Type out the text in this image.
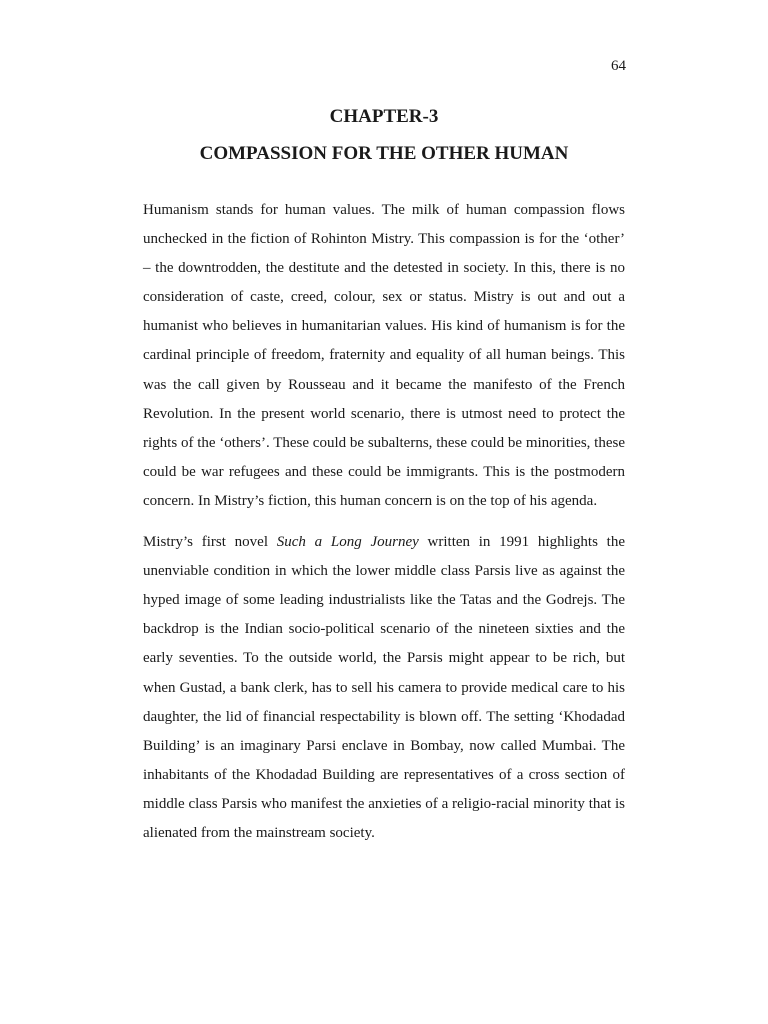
64
CHAPTER-3
COMPASSION FOR THE OTHER HUMAN

Humanism stands for human values. The milk of human compassion flows unchecked in the fiction of Rohinton Mistry. This compassion is for the ‘other’ – the downtrodden, the destitute and the detested in society. In this, there is no consideration of caste, creed, colour, sex or status. Mistry is out and out a humanist who believes in humanitarian values. His kind of humanism is for the cardinal principle of freedom, fraternity and equality of all human beings. This was the call given by Rousseau and it became the manifesto of the French Revolution. In the present world scenario, there is utmost need to protect the rights of the ‘others’. These could be subalterns, these could be minorities, these could be war refugees and these could be immigrants. This is the postmodern concern. In Mistry’s fiction, this human concern is on the top of his agenda.

Mistry’s first novel Such a Long Journey written in 1991 highlights the unenviable condition in which the lower middle class Parsis live as against the hyped image of some leading industrialists like the Tatas and the Godrejs. The backdrop is the Indian socio-political scenario of the nineteen sixties and the early seventies. To the outside world, the Parsis might appear to be rich, but when Gustad, a bank clerk, has to sell his camera to provide medical care to his daughter, the lid of financial respectability is blown off. The setting ‘Khodadad Building’ is an imaginary Parsi enclave in Bombay, now called Mumbai. The inhabitants of the Khodadad Building are representatives of a cross section of middle class Parsis who manifest the anxieties of a religio-racial minority that is alienated from the mainstream society.
